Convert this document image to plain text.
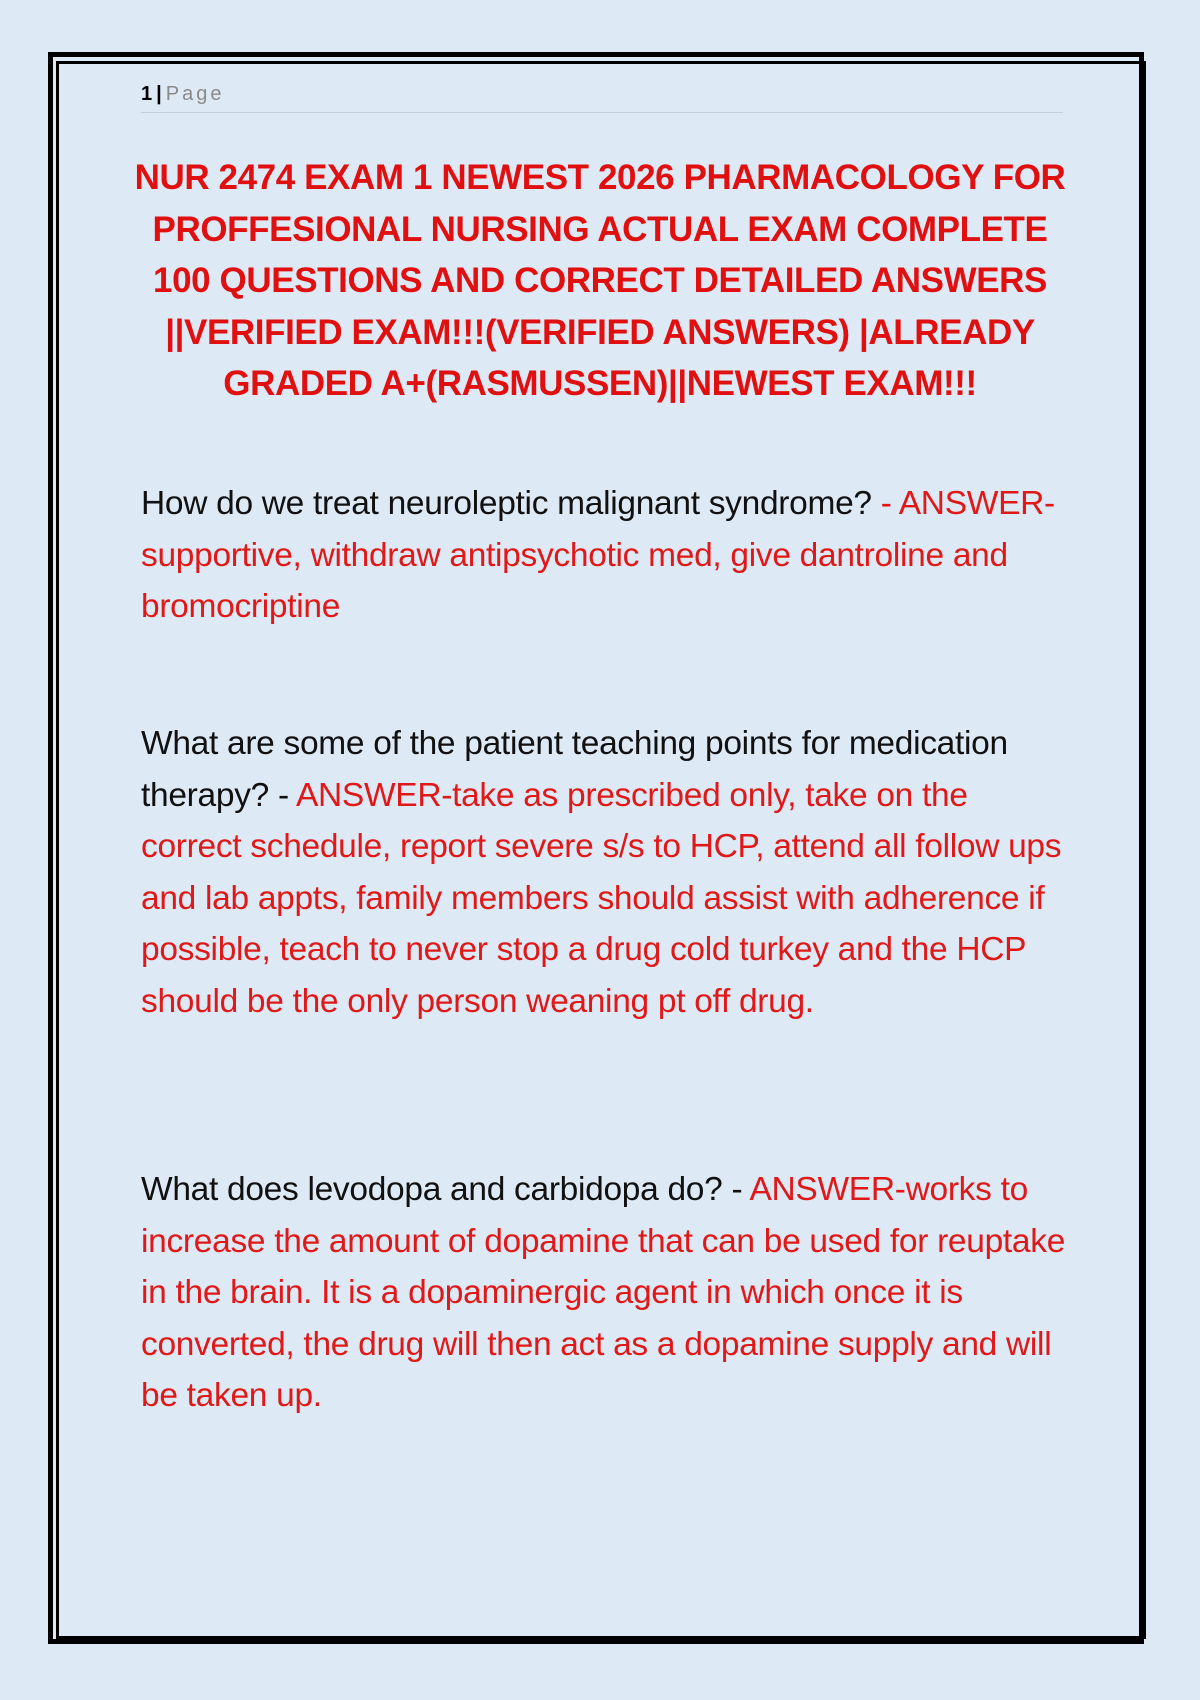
1 | Page
NUR 2474 EXAM 1 NEWEST 2026 PHARMACOLOGY FOR PROFFESIONAL NURSING ACTUAL EXAM COMPLETE 100 QUESTIONS AND CORRECT DETAILED ANSWERS ||VERIFIED EXAM!!!(VERIFIED ANSWERS) |ALREADY GRADED A+(RASMUSSEN)||NEWEST EXAM!!!

How do we treat neuroleptic malignant syndrome? - ANSWER-supportive, withdraw antipsychotic med, give dantroline and bromocriptine

What are some of the patient teaching points for medication therapy? - ANSWER-take as prescribed only, take on the correct schedule, report severe s/s to HCP, attend all follow ups and lab appts, family members should assist with adherence if possible, teach to never stop a drug cold turkey and the HCP should be the only person weaning pt off drug.

What does levodopa and carbidopa do? - ANSWER-works to increase the amount of dopamine that can be used for reuptake in the brain. It is a dopaminergic agent in which once it is converted, the drug will then act as a dopamine supply and will be taken up.
